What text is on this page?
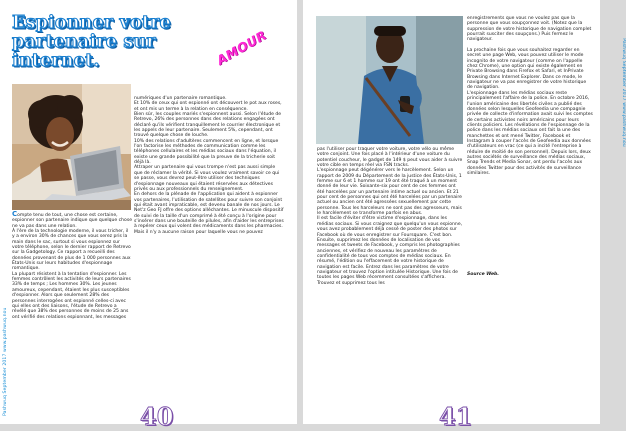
Pashwuq September 2017 www.pashwuq.nou
Espionner votre partenaire sur internet.	AMOUR

Compte tenu de tout, une chose est certaine, espionner son partenaire indique que quelque chose ne va pas dans une relation.
À l'ère de la technologie moderne, il vous tricher, il y a environ 30% de chances que vous serez pris la main dans le sac, surtout si vous espionnez sur votre téléphone, selon le dernier rapport de Retrevo sur la Gadgetology. Ce rapport a recueilli des données provenant de plus de 1 000 personnes aux États-Unis sur leurs habitudes d'espionnage romantique.
La plupart résistent à la tentation d'espionner. Les femmes contrôlent les activités de leurs partenaires 33% de temps ; Les hommes 30%. Les jeunes amoureux, cependant, étaient les plus susceptibles d'espionner. Alors que seulement 28% des personnes interrogées ont espionné celles-ci avec qui elles ont des liaisons, l'étude de Retrevo a révélé que 38% des personnes de moins de 25 ans ont vérifié des relations espionnant, les messages

numériques d'un partenaire romantique.
Et 10% de ceux qui ont espionné ont découvert le pot aux roses, et ont mis un terme à la relation en conséquence.
Bien sûr, les couples mariés s'espionnent aussi. Selon l'étude de Retrevo, 26% des personnes dans des relations engagées ont déclaré qu'ils vérifient tranquillement le courrier électronique et les appels de leur partenaire. Seulement 5%, cependant, ont trouvé quelque chose de louche.
10% des relations d'adultères commencent en ligne, et lorsque l'on factorise les méthodes de communication comme les téléphones cellulaires et les médias sociaux dans l'équation, il existe une grande possibilité que la preuve de la tricherie soit déjà là.
Attraper un partenaire qui vous trompe n'est pas aussi simple que de réclamer la vérité. Si vous voulez vraiment savoir ce qui se passe, vous devrez peut-être utiliser des techniques d'espionnage nouveaux qui étaient réservées aux détectives privés ou aux professionnels du renseignement.
En dehors de la plénade de l'application qui aident à espionner vos partenaires, l'utilisation de satellites pour suivre son conjoint qui était avant impraticable, est devenu banale de nos jours. Le Net'z Geo FJ offre des options alléchantes. Le minuscule dispositif de suivi de la taille d'un comprimé à été conçu à l'origine pour s'insérer dans une bouteille de pilules, afin d'aider les entreprises à repérer ceux qui volent des médicaments dans les pharmacies. Mais il n'y a aucune raison pour laquelle vous ne pouvez

40
Pashwuq September 2017 www.pashwuq.nou

pas l'utiliser pour traquer votre voiture, votre vélo ou même votre conjoint. Une fois placé à l'intérieur d'une voiture du potentiel coucheur, le gadget de 149 $ peut vous aider à suivre votre cible en temps réel via FSN tracks.
L'espionnage peut dégénérer vers le harcèlement. Selon un rapport de 2009 du Département de la justice des États-Unis, 1 femme sur 6 et 1 homme sur 19 ont été traqué à un moment donné de leur vie. Soixante-six pour cent de ces femmes ont été harcelées par un partenaire intime actuel ou ancien. Et 21 pour cent de personnes qui ont été harcelées par un partenaire actuel ou ancien ont été agressées sexuellement par cette personne. Tous les harceleurs ne sont pas des agresseurs, mais le harcèlement se transforme parfois en abus.
Il est facile d'éviter d'être victime d'espionnage, dans les médias sociaux. Si vous craignez que quelqu'un vous espionne, vous avez probablement déjà cessé de poster des photos sur Facebook où de vous enregistrer sur Foursquare. C'est bon.
Ensuite, supprimez les données de localisation de vos messages et tweets de Facebook, y compris les photographies anciennes, et vérifiez de nouveau les paramètres de confidentialité de tous vos comptes de médias sociaux. En résumé, l'édition ou l'effacement de votre historique de navigation est facile. Entrez dans les paramètres de votre navigateur et trouvez l'option intitulée Historique. Une fois de toutes les pages Web récemment consultées s'affichera. Trouvez et supprimez tous les

enregistrements que vous ne voulez pas que la personne que vous soupçonnez voit. (Notez que la suppression de votre historique de navigation complet pourrait susciter des soupçons.) Puis fermez le navigateur.

La prochaine fois que vous souhaitez regarder en secret une page Web, vous pouvez utiliser le mode incognito de votre navigateur (comme on l'appelle chez Chrome), une option qui existe également en Private Browsing dans Firefox et Safari, et InPrivate Browsing dans Internet Explorer. Dans ce mode, le navigateur ne va pas enregistrer de votre historique de navigation.
L'espionnage dans les médias sociaux reste principalement l'affaire de la police. En octobre 2016, l'union américaine des libertés civiles a publié des données selon lesquelles Geofeedia une compagnie privée de collecte d'information avait suivi les comptes de certains activistes noirs américains pour leurs clients policiers. Les révélations de l'espionnage de la police dans les médias sociaux ont fait la une des manchettes et ont mené Twitter, Facebook et Instagram à couper l'accès de Geofeedia aux données d'utilisateurs en vrac (ce qui a incité l'entreprise à réduire de moitié de son personnel). Depuis lors, deux autres sociétés de surveillance des médias sociaux, Snap Trends et Media Sonar, ont perdu l'accès aux données Twitter pour des activités de surveillance similaires.

Source Web.

41
